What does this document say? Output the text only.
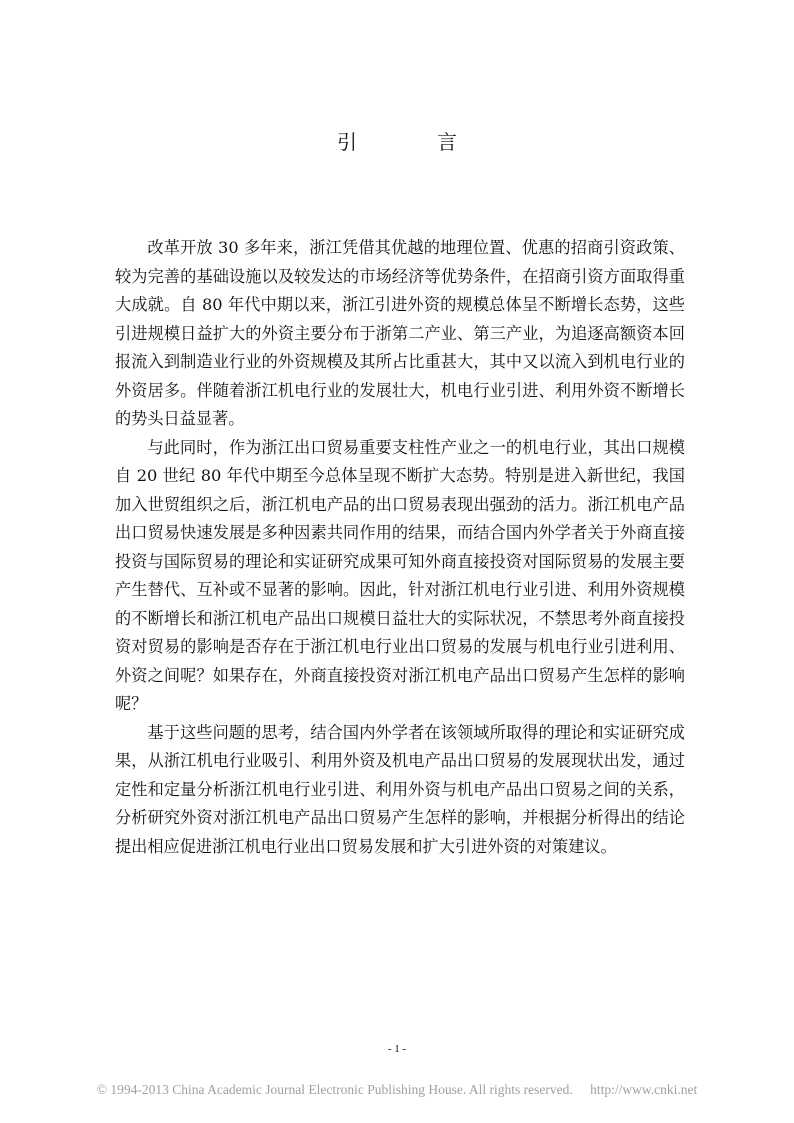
引　言

改革开放 30 多年来，浙江凭借其优越的地理位置、优惠的招商引资政策、较为完善的基础设施以及较发达的市场经济等优势条件，在招商引资方面取得重大成就。自 80 年代中期以来，浙江引进外资的规模总体呈不断增长态势，这些引进规模日益扩大的外资主要分布于浙第二产业、第三产业，为追逐高额资本回报流入到制造业行业的外资规模及其所占比重甚大，其中又以流入到机电行业的外资居多。伴随着浙江机电行业的发展壮大，机电行业引进、利用外资不断增长的势头日益显著。

与此同时，作为浙江出口贸易重要支柱性产业之一的机电行业，其出口规模自 20 世纪 80 年代中期至今总体呈现不断扩大态势。特别是进入新世纪，我国加入世贸组织之后，浙江机电产品的出口贸易表现出强劲的活力。浙江机电产品出口贸易快速发展是多种因素共同作用的结果，而结合国内外学者关于外商直接投资与国际贸易的理论和实证研究成果可知外商直接投资对国际贸易的发展主要产生替代、互补或不显著的影响。因此，针对浙江机电行业引进、利用外资规模的不断增长和浙江机电产品出口规模日益壮大的实际状况，不禁思考外商直接投资对贸易的影响是否存在于浙江机电行业出口贸易的发展与机电行业引进利用、外资之间呢？如果存在，外商直接投资对浙江机电产品出口贸易产生怎样的影响呢？

基于这些问题的思考，结合国内外学者在该领域所取得的理论和实证研究成果，从浙江机电行业吸引、利用外资及机电产品出口贸易的发展现状出发，通过定性和定量分析浙江机电行业引进、利用外资与机电产品出口贸易之间的关系，分析研究外资对浙江机电产品出口贸易产生怎样的影响，并根据分析得出的结论提出相应促进浙江机电行业出口贸易发展和扩大引进外资的对策建议。

- 1 -
© 1994-2013 China Academic Journal Electronic Publishing House. All rights reserved. http://www.cnki.net
